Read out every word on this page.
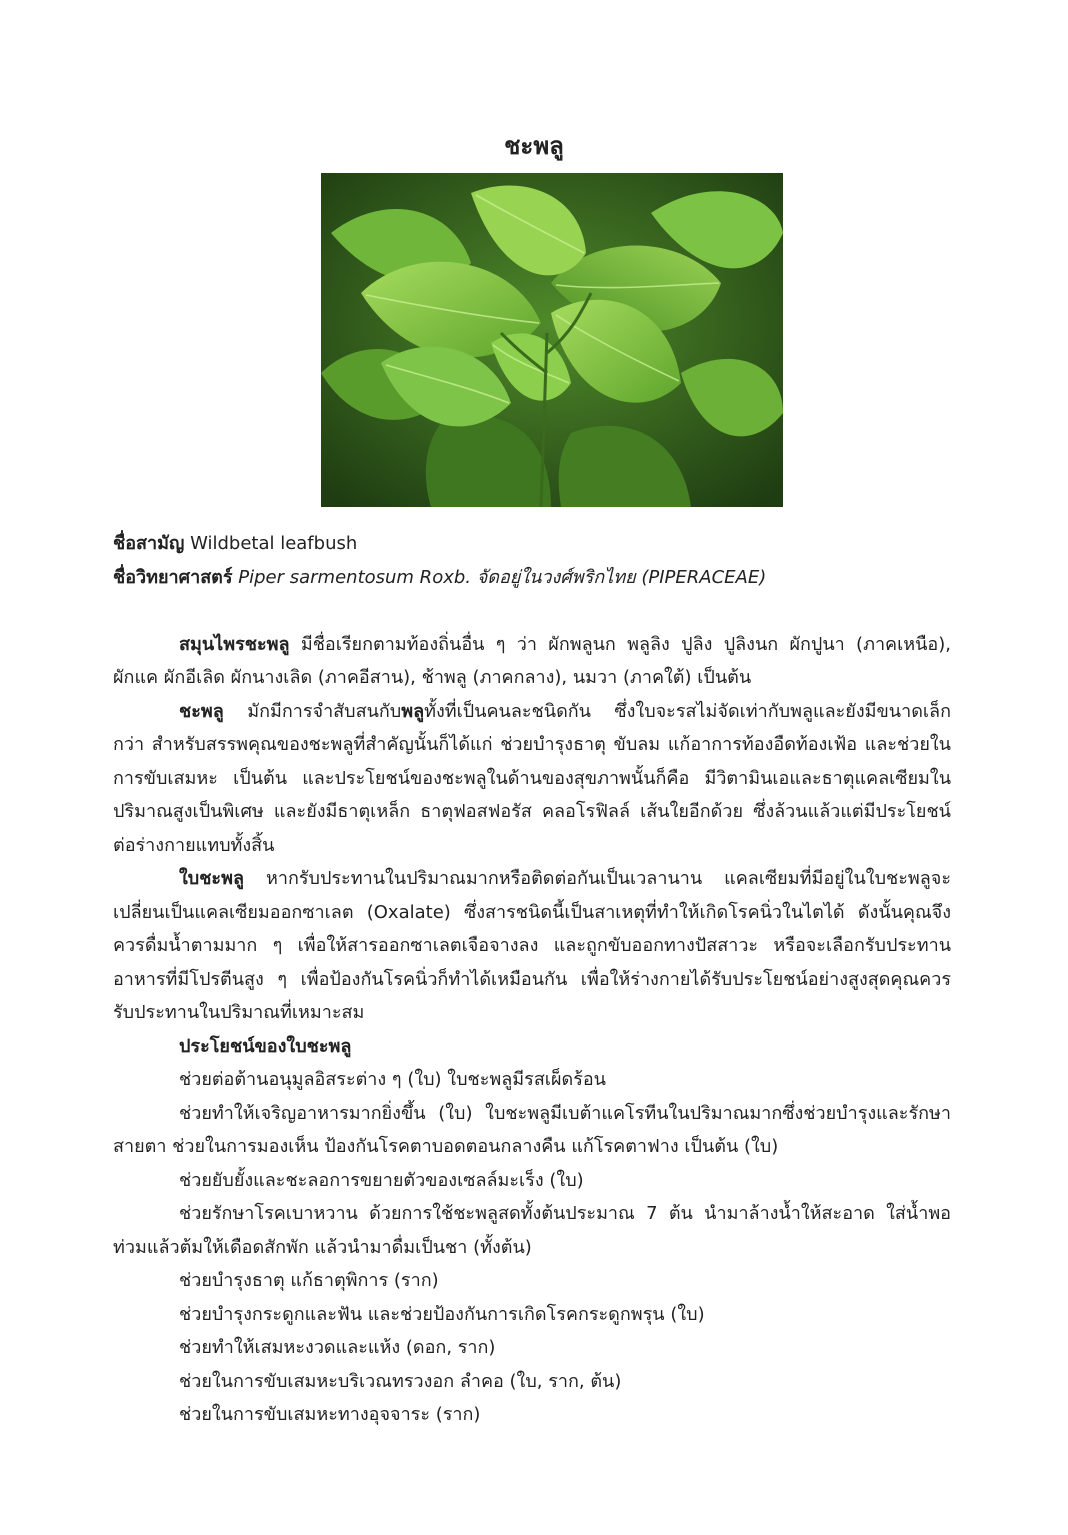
ชะพลู
ชื่อสามัญ Wildbetal leafbush
ชื่อวิทยาศาสตร์ Piper sarmentosum Roxb. จัดอยู่ในวงศ์พริกไทย (PIPERACEAE)
สมุนไพรชะพลู มีชื่อเรียกตามท้องถิ่นอื่น ๆ ว่า ผักพลูนก พลูลิง ปูลิง ปูลิงนก ผักปูนา (ภาคเหนือ),
ผักแค ผักอีเลิด ผักนางเลิด (ภาคอีสาน), ช้าพลู (ภาคกลาง), นมวา (ภาคใต้) เป็นต้น
ชะพลู มักมีการจำสับสนกับพลูทั้งที่เป็นคนละชนิดกัน ซึ่งใบจะรสไม่จัดเท่ากับพลูและยังมีขนาดเล็ก
กว่า สำหรับสรรพคุณของชะพลูที่สำคัญนั้นก็ได้แก่ ช่วยบำรุงธาตุ ขับลม แก้อาการท้องอืดท้องเฟ้อ และช่วยใน
การขับเสมหะ เป็นต้น และประโยชน์ของชะพลูในด้านของสุขภาพนั้นก็คือ มีวิตามินเอและธาตุแคลเซียมใน
ปริมาณสูงเป็นพิเศษ และยังมีธาตุเหล็ก ธาตุฟอสฟอรัส คลอโรฟิลล์ เส้นใยอีกด้วย ซึ่งล้วนแล้วแต่มีประโยชน์
ต่อร่างกายแทบทั้งสิ้น
ใบชะพลู หากรับประทานในปริมาณมากหรือติดต่อกันเป็นเวลานาน แคลเซียมที่มีอยู่ในใบชะพลูจะ
เปลี่ยนเป็นแคลเซียมออกซาเลต (Oxalate) ซึ่งสารชนิดนี้เป็นสาเหตุที่ทำให้เกิดโรคนิ่วในไตได้ ดังนั้นคุณจึง
ควรดื่มน้ำตามมาก ๆ เพื่อให้สารออกซาเลตเจือจางลง และถูกขับออกทางปัสสาวะ หรือจะเลือกรับประทาน
อาหารที่มีโปรตีนสูง ๆ เพื่อป้องกันโรคนิ่วก็ทำได้เหมือนกัน เพื่อให้ร่างกายได้รับประโยชน์อย่างสูงสุดคุณควร
รับประทานในปริมาณที่เหมาะสม
ประโยชน์ของใบชะพลู
ช่วยต่อต้านอนุมูลอิสระต่าง ๆ (ใบ) ใบชะพลูมีรสเผ็ดร้อน
ช่วยทำให้เจริญอาหารมากยิ่งขึ้น (ใบ) ใบชะพลูมีเบต้าแคโรทีนในปริมาณมากซึ่งช่วยบำรุงและรักษา
สายตา ช่วยในการมองเห็น ป้องกันโรคตาบอดตอนกลางคืน แก้โรคตาฟาง เป็นต้น (ใบ)
ช่วยยับยั้งและชะลอการขยายตัวของเซลล์มะเร็ง (ใบ)
ช่วยรักษาโรคเบาหวาน ด้วยการใช้ชะพลูสดทั้งต้นประมาณ 7 ต้น นำมาล้างน้ำให้สะอาด ใส่น้ำพอ
ท่วมแล้วต้มให้เดือดสักพัก แล้วนำมาดื่มเป็นชา (ทั้งต้น)
ช่วยบำรุงธาตุ แก้ธาตุพิการ (ราก)
ช่วยบำรุงกระดูกและฟัน และช่วยป้องกันการเกิดโรคกระดูกพรุน (ใบ)
ช่วยทำให้เสมหะงวดและแห้ง (ดอก, ราก)
ช่วยในการขับเสมหะบริเวณทรวงอก ลำคอ (ใบ, ราก, ต้น)
ช่วยในการขับเสมหะทางอุจจาระ (ราก)
